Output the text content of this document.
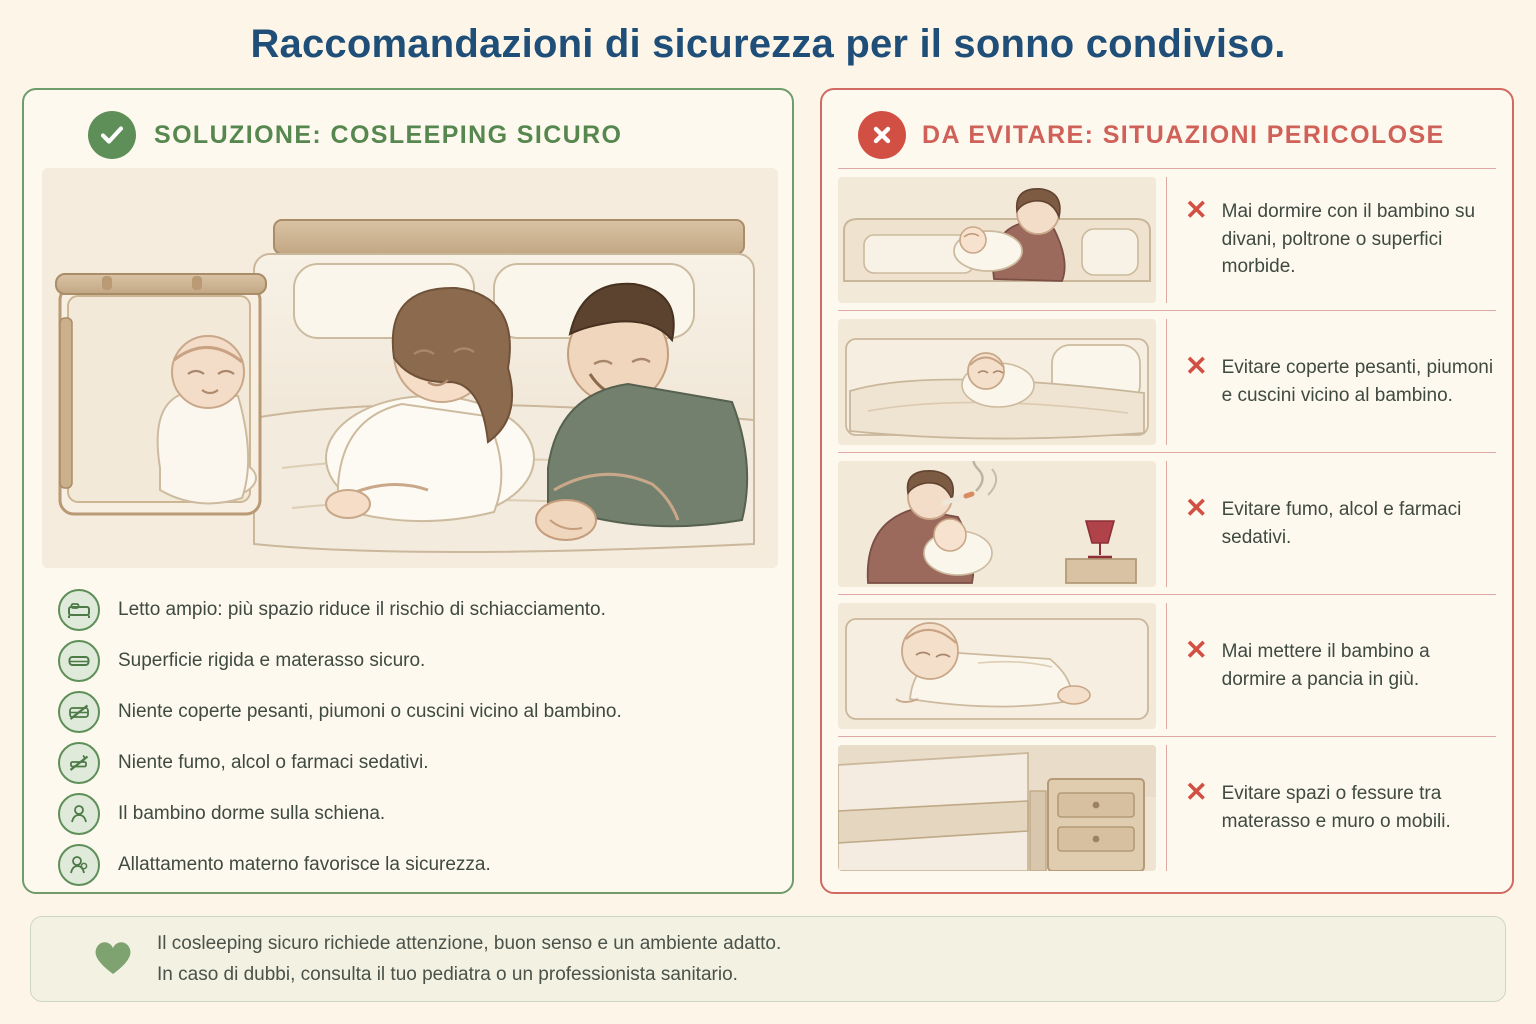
Raccomandazioni di sicurezza per il sonno condiviso.
SOLUZIONE: COSLEEPING SICURO
Letto ampio: più spazio riduce il rischio di schiacciamento.
Superficie rigida e materasso sicuro.
Niente coperte pesanti, piumoni o cuscini vicino al bambino.
Niente fumo, alcol o farmaci sedativi.
Il bambino dorme sulla schiena.
Allattamento materno favorisce la sicurezza.
DA EVITARE: SITUAZIONI PERICOLOSE
✕ Mai dormire con il bambino su divani, poltrone o superfici morbide.
✕ Evitare coperte pesanti, piumoni e cuscini vicino al bambino.
✕ Evitare fumo, alcol e farmaci sedativi.
✕ Mai mettere il bambino a dormire a pancia in giù.
✕ Evitare spazi o fessure tra materasso e muro o mobili.
Il cosleeping sicuro richiede attenzione, buon senso e un ambiente adatto.
In caso di dubbi, consulta il tuo pediatra o un professionista sanitario.
